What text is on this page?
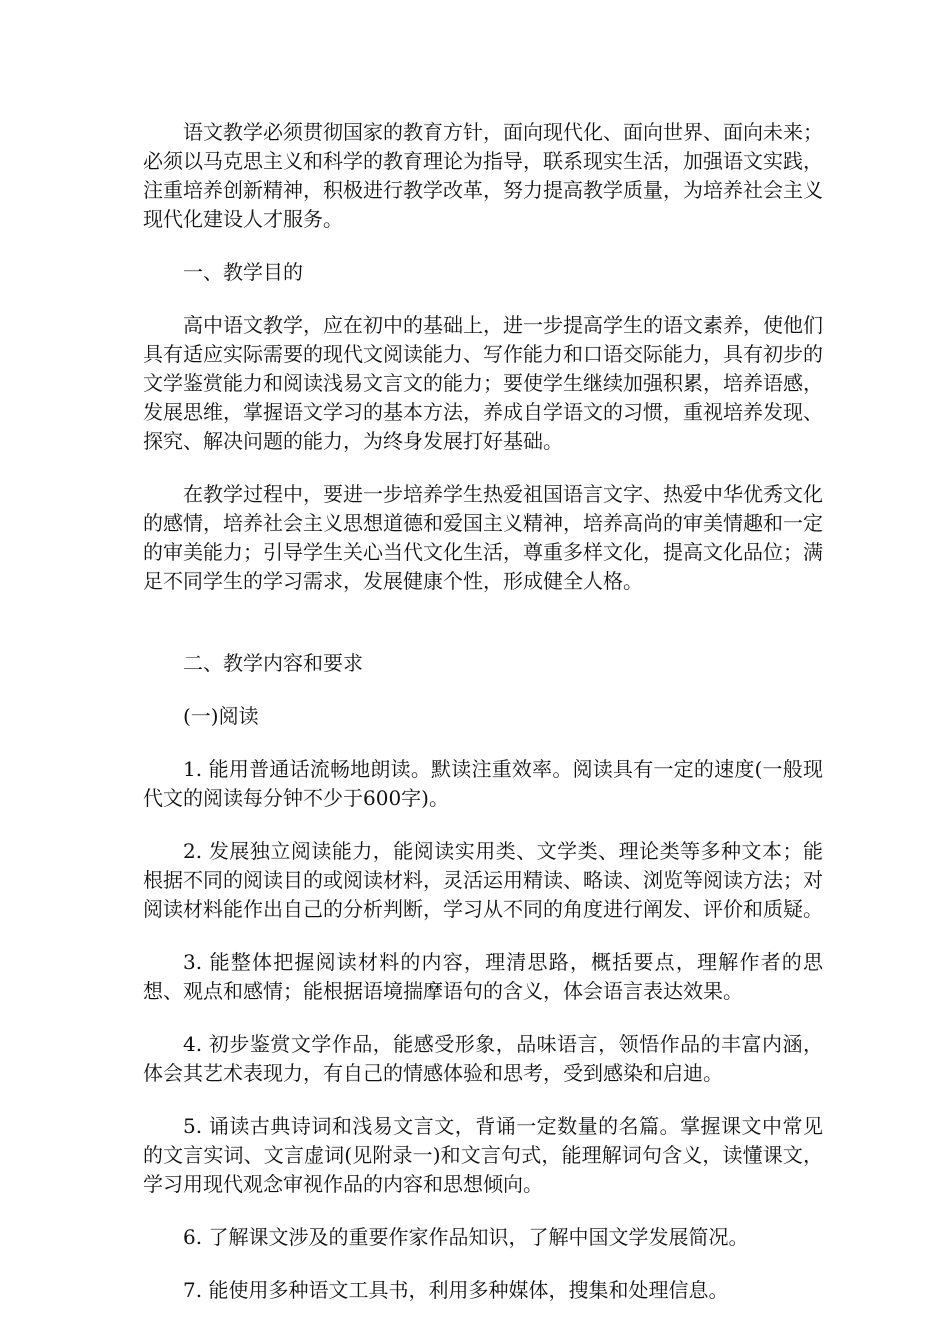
语文教学必须贯彻国家的教育方针，面向现代化、面向世界、面向未来；必须以马克思主义和科学的教育理论为指导，联系现实生活，加强语文实践，注重培养创新精神，积极进行教学改革，努力提高教学质量，为培养社会主义现代化建设人才服务。

一、教学目的

高中语文教学，应在初中的基础上，进一步提高学生的语文素养，使他们具有适应实际需要的现代文阅读能力、写作能力和口语交际能力，具有初步的文学鉴赏能力和阅读浅易文言文的能力；要使学生继续加强积累，培养语感，发展思维，掌握语文学习的基本方法，养成自学语文的习惯，重视培养发现、探究、解决问题的能力，为终身发展打好基础。

在教学过程中，要进一步培养学生热爱祖国语言文字、热爱中华优秀文化的感情，培养社会主义思想道德和爱国主义精神，培养高尚的审美情趣和一定的审美能力；引导学生关心当代文化生活，尊重多样文化，提高文化品位；满足不同学生的学习需求，发展健康个性，形成健全人格。

二、教学内容和要求

(一)阅读

1. 能用普通话流畅地朗读。默读注重效率。阅读具有一定的速度(一般现代文的阅读每分钟不少于600字)。

2. 发展独立阅读能力，能阅读实用类、文学类、理论类等多种文本；能根据不同的阅读目的或阅读材料，灵活运用精读、略读、浏览等阅读方法；对阅读材料能作出自己的分析判断，学习从不同的角度进行阐发、评价和质疑。

3. 能整体把握阅读材料的内容，理清思路，概括要点，理解作者的思想、观点和感情；能根据语境揣摩语句的含义，体会语言表达效果。

4. 初步鉴赏文学作品，能感受形象，品味语言，领悟作品的丰富内涵，体会其艺术表现力，有自己的情感体验和思考，受到感染和启迪。

5. 诵读古典诗词和浅易文言文，背诵一定数量的名篇。掌握课文中常见的文言实词、文言虚词(见附录一)和文言句式，能理解词句含义，读懂课文，学习用现代观念审视作品的内容和思想倾向。

6. 了解课文涉及的重要作家作品知识，了解中国文学发展简况。

7. 能使用多种语文工具书，利用多种媒体，搜集和处理信息。
